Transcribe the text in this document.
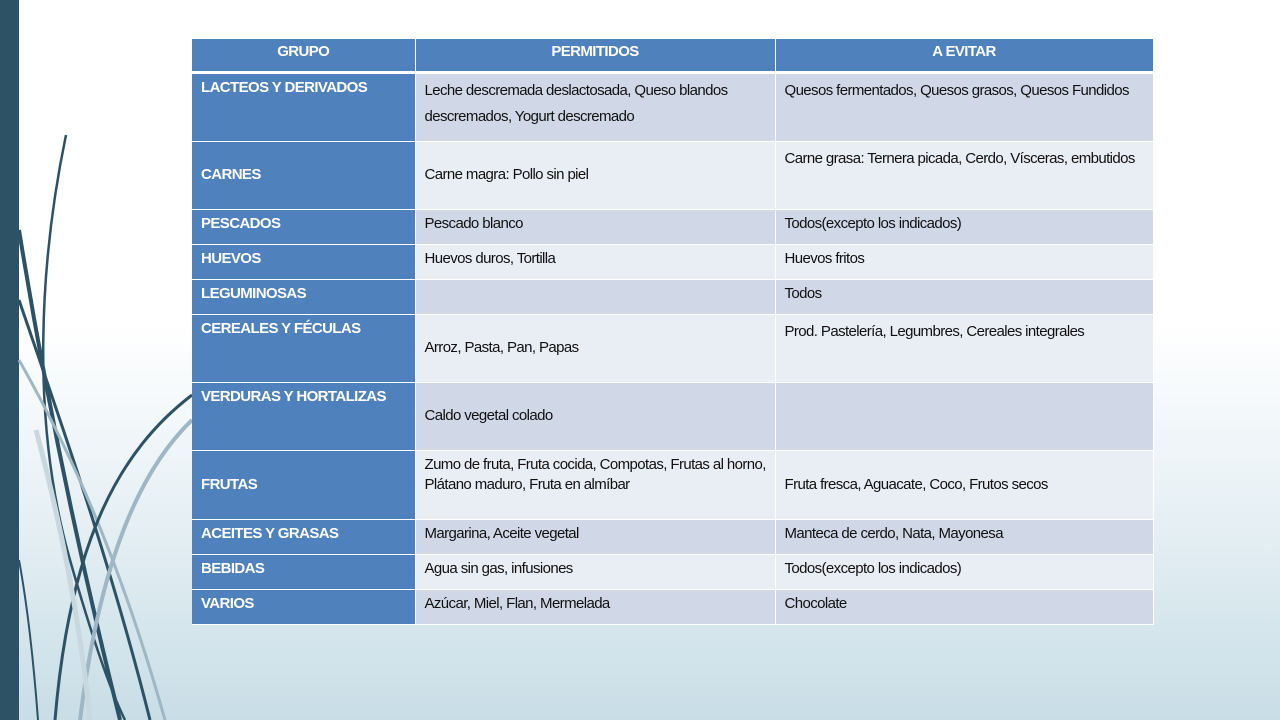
GRUPO	PERMITIDOS	A EVITAR
LACTEOS Y DERIVADOS	Leche descremada deslactosada, Queso blandos descremados, Yogurt descremado	Quesos fermentados, Quesos grasos, Quesos Fundidos
CARNES	Carne magra: Pollo sin piel	Carne grasa: Ternera picada, Cerdo, Vísceras, embutidos
PESCADOS	Pescado blanco	Todos(excepto los indicados)
HUEVOS	Huevos duros, Tortilla	Huevos fritos
LEGUMINOSAS		Todos
CEREALES Y FÉCULAS	Arroz, Pasta, Pan, Papas	Prod. Pastelería, Legumbres, Cereales integrales
VERDURAS Y HORTALIZAS	Caldo vegetal colado	
FRUTAS	Zumo de fruta, Fruta cocida, Compotas, Frutas al horno, Plátano maduro, Fruta en almíbar	Fruta fresca, Aguacate, Coco, Frutos secos
ACEITES Y GRASAS	Margarina, Aceite vegetal	Manteca de cerdo, Nata, Mayonesa
BEBIDAS	Agua sin gas, infusiones	Todos(excepto los indicados)
VARIOS	Azúcar, Miel, Flan, Mermelada	Chocolate
